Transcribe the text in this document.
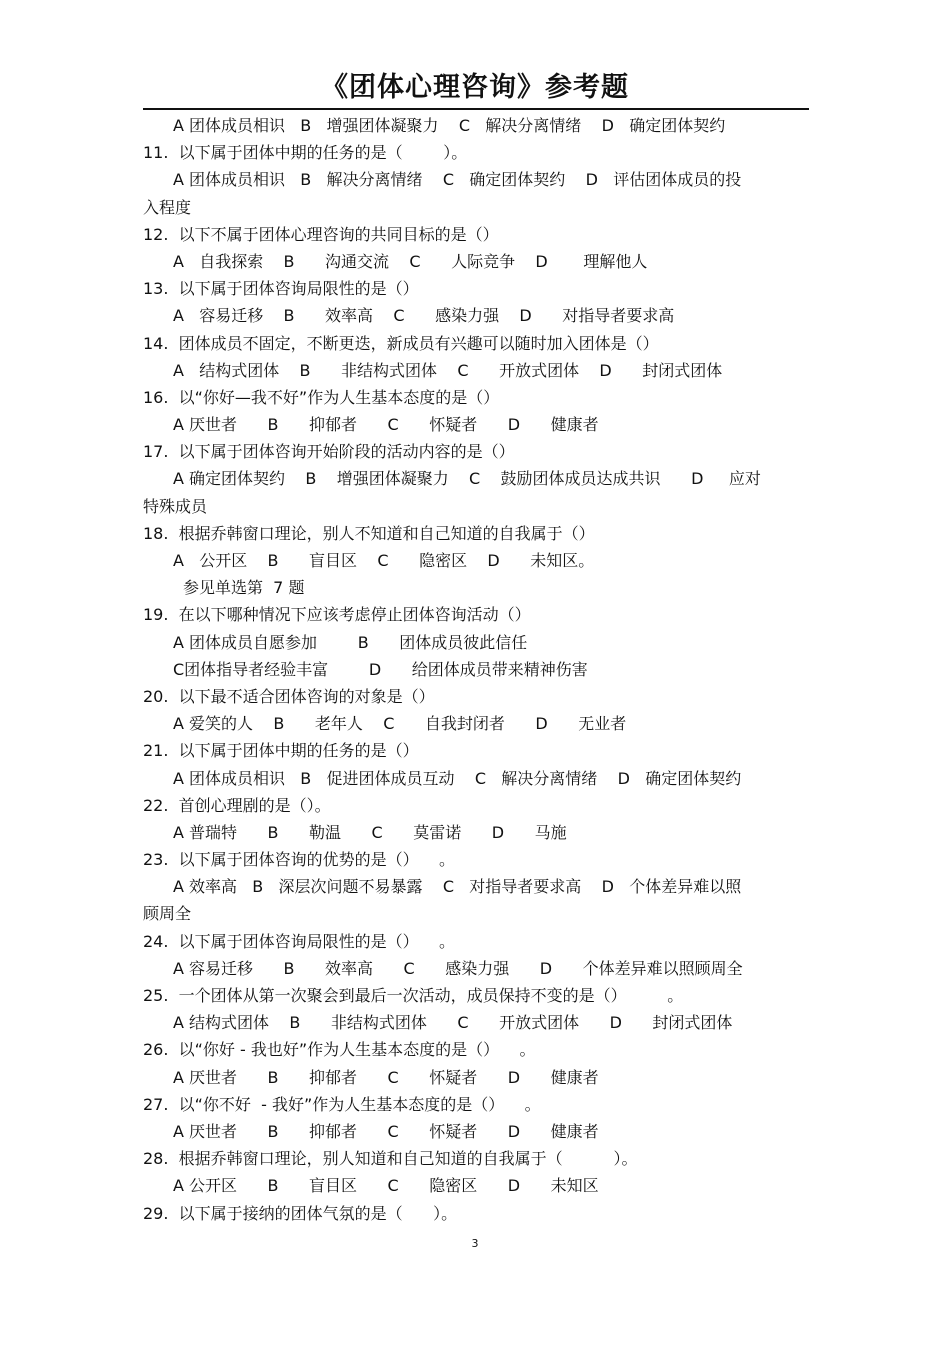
《团体心理咨询》参考题
A 团体成员相识   B   增强团体凝聚力    C   解决分离情绪    D   确定团体契约
11.  以下属于团体中期的任务的是（        ）。
A 团体成员相识   B   解决分离情绪    C   确定团体契约    D   评估团体成员的投
入程度
12.  以下不属于团体心理咨询的共同目标的是（）
A   自我探索    B      沟通交流    C      人际竞争    D       理解他人
13.  以下属于团体咨询局限性的是（）
A   容易迁移    B      效率高    C      感染力强    D      对指导者要求高
14.  团体成员不固定，不断更迭，新成员有兴趣可以随时加入团体是（）
A   结构式团体    B      非结构式团体    C      开放式团体    D      封闭式团体
16.  以“你好—我不好”作为人生基本态度的是（）
A 厌世者      B      抑郁者      C      怀疑者      D      健康者
17.  以下属于团体咨询开始阶段的活动内容的是（）
A 确定团体契约    B    增强团体凝聚力    C    鼓励团体成员达成共识      D     应对
特殊成员
18.  根据乔韩窗口理论，别人不知道和自己知道的自我属于（）
A   公开区    B      盲目区    C      隐密区    D      未知区。
参见单选第  7 题
19.  在以下哪种情况下应该考虑停止团体咨询活动（）
A 团体成员自愿参加        B      团体成员彼此信任
C团体指导者经验丰富        D      给团体成员带来精神伤害
20.  以下最不适合团体咨询的对象是（）
A 爱笑的人    B      老年人    C      自我封闭者      D      无业者
21.  以下属于团体中期的任务的是（）
A 团体成员相识   B   促进团体成员互动    C   解决分离情绪    D   确定团体契约
22.  首创心理剧的是（）。
A 普瑞特      B      勒温      C      莫雷诺      D      马施
23.  以下属于团体咨询的优势的是（）    。
A 效率高   B   深层次问题不易暴露    C   对指导者要求高    D   个体差异难以照
顾周全
24.  以下属于团体咨询局限性的是（）    。
A 容易迁移      B      效率高      C      感染力强      D      个体差异难以照顾周全
25.  一个团体从第一次聚会到最后一次活动，成员保持不变的是（）        。
A 结构式团体    B      非结构式团体      C      开放式团体      D      封闭式团体
26.  以“你好 - 我也好”作为人生基本态度的是（）    。
A 厌世者      B      抑郁者      C      怀疑者      D      健康者
27.  以“你不好  - 我好”作为人生基本态度的是（）    。
A 厌世者      B      抑郁者      C      怀疑者      D      健康者
28.  根据乔韩窗口理论，别人知道和自己知道的自我属于（          ）。
A 公开区      B      盲目区      C      隐密区      D      未知区
29.  以下属于接纳的团体气氛的是（      ）。
3
